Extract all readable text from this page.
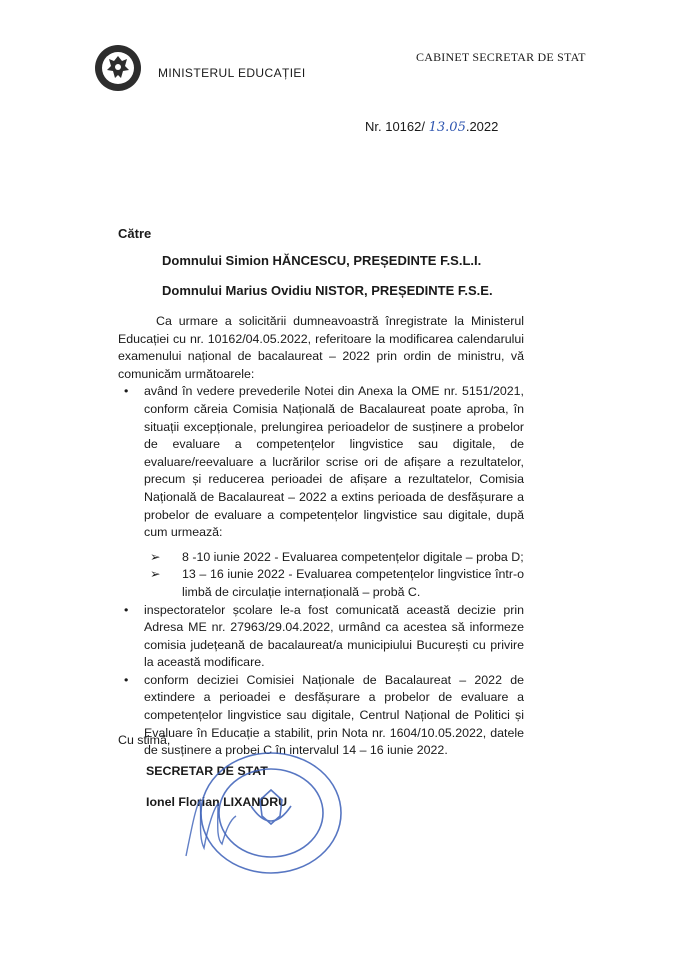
MINISTERUL EDUCAȚIEI
CABINET SECRETAR DE STAT
Nr. 10162/ 13.05.2022
Către
Domnului Simion HĂNCESCU, PREȘEDINTE F.S.L.I.
Domnului Marius Ovidiu NISTOR, PREȘEDINTE F.S.E.

Ca urmare a solicitării dumneavoastră înregistrate la Ministerul Educației cu nr. 10162/04.05.2022, referitoare la modificarea calendarului examenului național de bacalaureat – 2022 prin ordin de ministru, vă comunicăm următoarele:

• având în vedere prevederile Notei din Anexa la OME nr. 5151/2021, conform căreia Comisia Națională de Bacalaureat poate aproba, în situații excepționale, prelungirea perioadelor de susținere a probelor de evaluare a competențelor lingvistice sau digitale, de evaluare/reevaluare a lucrărilor scrise ori de afișare a rezultatelor, precum și reducerea perioadei de afișare a rezultatelor, Comisia Națională de Bacalaureat – 2022 a extins perioada de desfășurare a probelor de evaluare a competențelor lingvistice sau digitale, după cum urmează:
➢ 8 -10 iunie 2022 - Evaluarea competențelor digitale – proba D;
➢ 13 – 16 iunie 2022 - Evaluarea competențelor lingvistice într-o limbă de circulație internațională – probă C.
• inspectoratelor școlare le-a fost comunicată această decizie prin Adresa ME nr. 27963/29.04.2022, urmând ca acestea să informeze comisia județeană de bacalaureat/a municipiului București cu privire la această modificare.
• conform deciziei Comisiei Naționale de Bacalaureat – 2022 de extindere a perioadei e desfășurare a probelor de evaluare a competențelor lingvistice sau digitale, Centrul Național de Politici și Evaluare în Educație a stabilit, prin Nota nr. 1604/10.05.2022, datele de susținere a probei C în intervalul 14 – 16 iunie 2022.
Cu stimă,
SECRETAR DE STAT
Ionel Florian LIXANDRU
